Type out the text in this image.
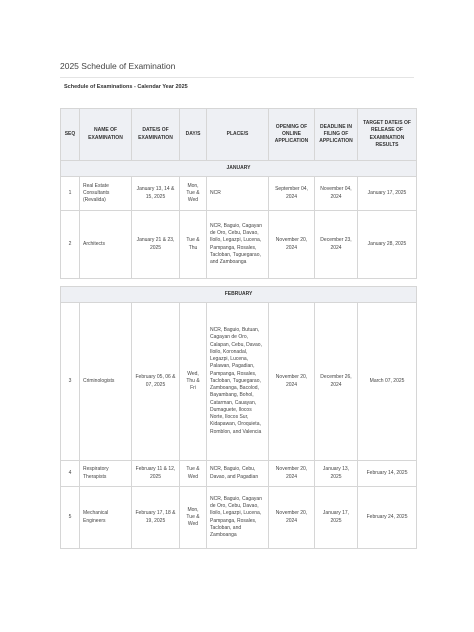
2025 Schedule of Examination
Schedule of Examinations - Calendar Year 2025
SEQ	NAME OF EXAMINATION	DATE/S OF EXAMINATION	DAY/S	PLACE/S	OPENING OF ONLINE APPLICATION	DEADLINE IN FILING OF APPLICATION	TARGET DATE/S OF RELEASE OF EXAMINATION RESULTS
JANUARY							
1	Real Estate Consultants (Revalida)	January 13, 14 & 15, 2025	Mon, Tue & Wed	NCR	September 04, 2024	November 04, 2024	January 17, 2025
2	Architects	January 21 & 23, 2025	Tue & Thu	NCR, Baguio, Cagayan de Oro, Cebu, Davao, Iloilo, Legazpi, Lucena, Pampanga, Rosales, Tacloban, Tuguegarao, and Zamboanga	November 20, 2024	December 23, 2024	January 28, 2025
FEBRUARY							
3	Criminologists	February 05, 06 & 07, 2025	Wed, Thu & Fri	NCR, Baguio, Butuan, Cagayan de Oro, Calapan, Cebu, Davao, Iloilo, Koronadal, Legazpi, Lucena, Palawan, Pagadian, Pampanga, Rosales, Tacloban, Tuguegarao, Zamboanga, Bacolod, Bayambang, Bohol, Catarman, Cauayan, Dumaguete, Ilocos Norte, Ilocos Sur, Kidapawan, Oroquieta, Romblon, and Valencia	November 20, 2024	December 26, 2024	March 07, 2025
4	Respiratory Therapists	February 11 & 12, 2025	Tue & Wed	NCR, Baguio, Cebu, Davao, and Pagadian	November 20, 2024	January 13, 2025	February 14, 2025
5	Mechanical Engineers	February 17, 18 & 19, 2025	Mon, Tue & Wed	NCR, Baguio, Cagayan de Oro, Cebu, Davao, Iloilo, Legazpi, Lucena, Pampanga, Rosales, Tacloban, and Zamboanga	November 20, 2024	January 17, 2025	February 24, 2025
